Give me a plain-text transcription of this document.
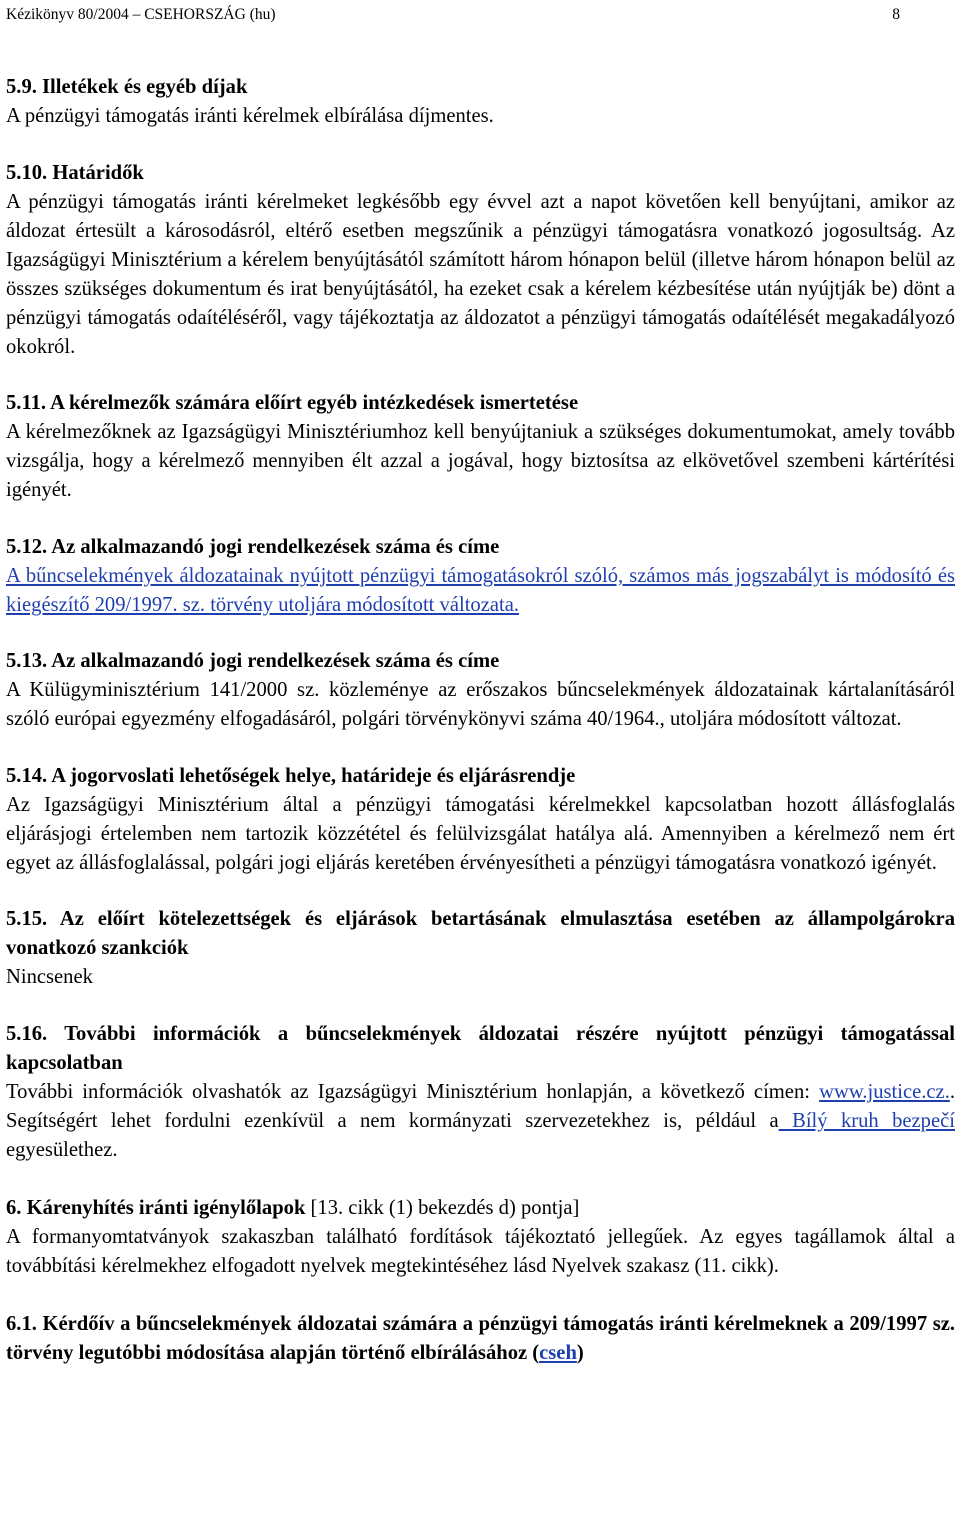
Kézikönyv 80/2004 – CSEHORSZÁG (hu)	8

5.9. Illetékek és egyéb díjak

A pénzügyi támogatás iránti kérelmek elbírálása díjmentes.

5.10. Határidők

A pénzügyi támogatás iránti kérelmeket legkésőbb egy évvel azt a napot követően kell benyújtani, amikor az áldozat értesült a károsodásról, eltérő esetben megszűnik a pénzügyi támogatásra vonatkozó jogosultság. Az Igazságügyi Minisztérium a kérelem benyújtásától számított három hónapon belül (illetve három hónapon belül az összes szükséges dokumentum és irat benyújtásától, ha ezeket csak a kérelem kézbesítése után nyújtják be) dönt a pénzügyi támogatás odaítéléséről, vagy tájékoztatja az áldozatot a pénzügyi támogatás odaítélését megakadályozó okokról.

5.11. A kérelmezők számára előírt egyéb intézkedések ismertetése

A kérelmezőknek az Igazságügyi Minisztériumhoz kell benyújtaniuk a szükséges dokumentumokat, amely tovább vizsgálja, hogy a kérelmező mennyiben élt azzal a jogával, hogy biztosítsa az elkövetővel szembeni kártérítési igényét.

5.12. Az alkalmazandó jogi rendelkezések száma és címe

A bűncselekmények áldozatainak nyújtott pénzügyi támogatásokról szóló, számos más jogszabályt is módosító és kiegészítő 209/1997. sz. törvény utoljára módosított változata.

5.13. Az alkalmazandó jogi rendelkezések száma és címe

A Külügyminisztérium 141/2000 sz. közleménye az erőszakos bűncselekmények áldozatainak kártalanításáról szóló európai egyezmény elfogadásáról, polgári törvénykönyvi száma 40/1964., utoljára módosított változat.

5.14. A jogorvoslati lehetőségek helye, határideje és eljárásrendje

Az Igazságügyi Minisztérium által a pénzügyi támogatási kérelmekkel kapcsolatban hozott állásfoglalás eljárásjogi értelemben nem tartozik közzététel és felülvizsgálat hatálya alá. Amennyiben a kérelmező nem ért egyet az állásfoglalással, polgári jogi eljárás keretében érvényesítheti a pénzügyi támogatásra vonatkozó igényét.

5.15. Az előírt kötelezettségek és eljárások betartásának elmulasztása esetében az állampolgárokra vonatkozó szankciók

Nincsenek

5.16. További információk a bűncselekmények áldozatai részére nyújtott pénzügyi támogatással kapcsolatban

További információk olvashatók az Igazságügyi Minisztérium honlapján, a következő címen: www.justice.cz.. Segítségért lehet fordulni ezenkívül a nem kormányzati szervezetekhez is, például a Bílý kruh bezpečí egyesülethez.

6. Kárenyhítés iránti igénylőlapok [13. cikk (1) bekezdés d) pontja]

A formanyomtatványok szakaszban található fordítások tájékoztató jellegűek. Az egyes tagállamok által a továbbítási kérelmekhez elfogadott nyelvek megtekintéséhez lásd Nyelvek szakasz (11. cikk).

6.1. Kérdőív a bűncselekmények áldozatai számára a pénzügyi támogatás iránti kérelmeknek a 209/1997 sz. törvény legutóbbi módosítása alapján történő elbírálásához (cseh)
